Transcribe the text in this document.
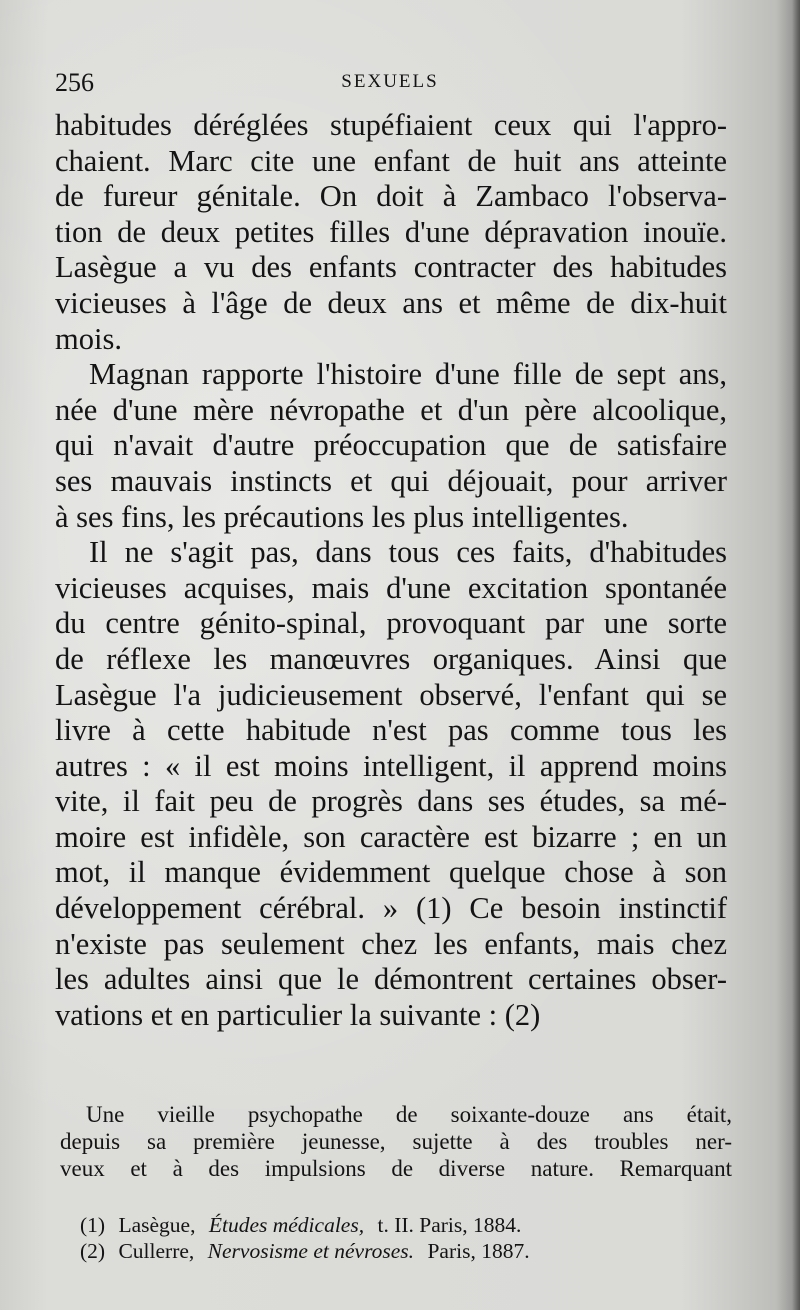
256	SEXUELS
habitudes déréglées stupéfiaient ceux qui l'appro-
chaient. Marc cite une enfant de huit ans atteinte
de fureur génitale. On doit à Zambaco l'observa-
tion de deux petites filles d'une dépravation inouïe.
Lasègue a vu des enfants contracter des habitudes
vicieuses à l'âge de deux ans et même de dix-huit
mois.
Magnan rapporte l'histoire d'une fille de sept ans,
née d'une mère névropathe et d'un père alcoolique,
qui n'avait d'autre préoccupation que de satisfaire
ses mauvais instincts et qui déjouait, pour arriver
à ses fins, les précautions les plus intelligentes.
Il ne s'agit pas, dans tous ces faits, d'habitudes
vicieuses acquises, mais d'une excitation spontanée
du centre génito-spinal, provoquant par une sorte
de réflexe les manœuvres organiques. Ainsi que
Lasègue l'a judicieusement observé, l'enfant qui se
livre à cette habitude n'est pas comme tous les
autres : « il est moins intelligent, il apprend moins
vite, il fait peu de progrès dans ses études, sa mé-
moire est infidèle, son caractère est bizarre ; en un
mot, il manque évidemment quelque chose à son
développement cérébral. » (1) Ce besoin instinctif
n'existe pas seulement chez les enfants, mais chez
les adultes ainsi que le démontrent certaines obser-
vations et en particulier la suivante : (2)
Une vieille psychopathe de soixante-douze ans était,
depuis sa première jeunesse, sujette à des troubles ner-
veux et à des impulsions de diverse nature. Remarquant
(1) Lasègue, Études médicales, t. II. Paris, 1884.
(2) Cullerre, Nervosisme et névroses. Paris, 1887.
